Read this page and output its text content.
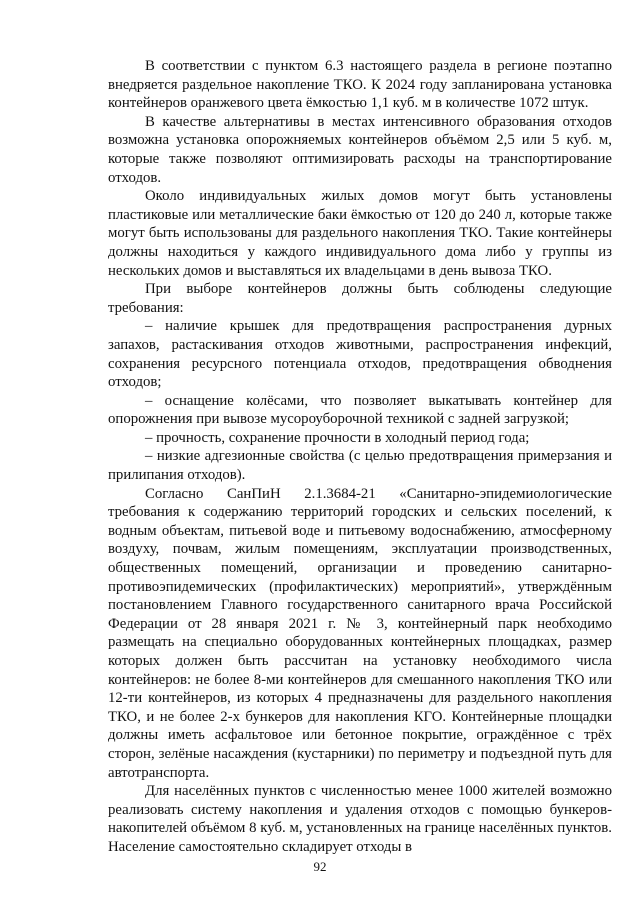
В соответствии с пунктом 6.3 настоящего раздела в регионе поэтапно внедряется раздельное накопление ТКО. К 2024 году запланирована установка контейнеров оранжевого цвета ёмкостью 1,1 куб. м в количестве 1072 штук.

В качестве альтернативы в местах интенсивного образования отходов возможна установка опорожняемых контейнеров объёмом 2,5 или 5 куб. м, которые также позволяют оптимизировать расходы на транспортирование отходов.

Около индивидуальных жилых домов могут быть установлены пластиковые или металлические баки ёмкостью от 120 до 240 л, которые также могут быть использованы для раздельного накопления ТКО. Такие контейнеры должны находиться у каждого индивидуального дома либо у группы из нескольких домов и выставляться их владельцами в день вывоза ТКО.

При выборе контейнеров должны быть соблюдены следующие требования:

– наличие крышек для предотвращения распространения дурных запахов, растаскивания отходов животными, распространения инфекций, сохранения ресурсного потенциала отходов, предотвращения обводнения отходов;

– оснащение колёсами, что позволяет выкатывать контейнер для опорожнения при вывозе мусороуборочной техникой с задней загрузкой;

– прочность, сохранение прочности в холодный период года;

– низкие адгезионные свойства (с целью предотвращения примерзания и прилипания отходов).

Согласно СанПиН 2.1.3684-21 «Санитарно-эпидемиологические требования к содержанию территорий городских и сельских поселений, к водным объектам, питьевой воде и питьевому водоснабжению, атмосферному воздуху, почвам, жилым помещениям, эксплуатации производственных, общественных помещений, организации и проведению санитарно-противоэпидемических (профилактических) мероприятий», утверждённым постановлением Главного государственного санитарного врача Российской Федерации от 28 января 2021 г. № 3, контейнерный парк необходимо размещать на специально оборудованных контейнерных площадках, размер которых должен быть рассчитан на установку необходимого числа контейнеров: не более 8-ми контейнеров для смешанного накопления ТКО или 12-ти контейнеров, из которых 4 предназначены для раздельного накопления ТКО, и не более 2-х бункеров для накопления КГО. Контейнерные площадки должны иметь асфальтовое или бетонное покрытие, ограждённое с трёх сторон, зелёные насаждения (кустарники) по периметру и подъездной путь для автотранспорта.

Для населённых пунктов с численностью менее 1000 жителей возможно реализовать систему накопления и удаления отходов с помощью бункеров-накопителей объёмом 8 куб. м, установленных на границе населённых пунктов. Население самостоятельно складирует отходы в

92
